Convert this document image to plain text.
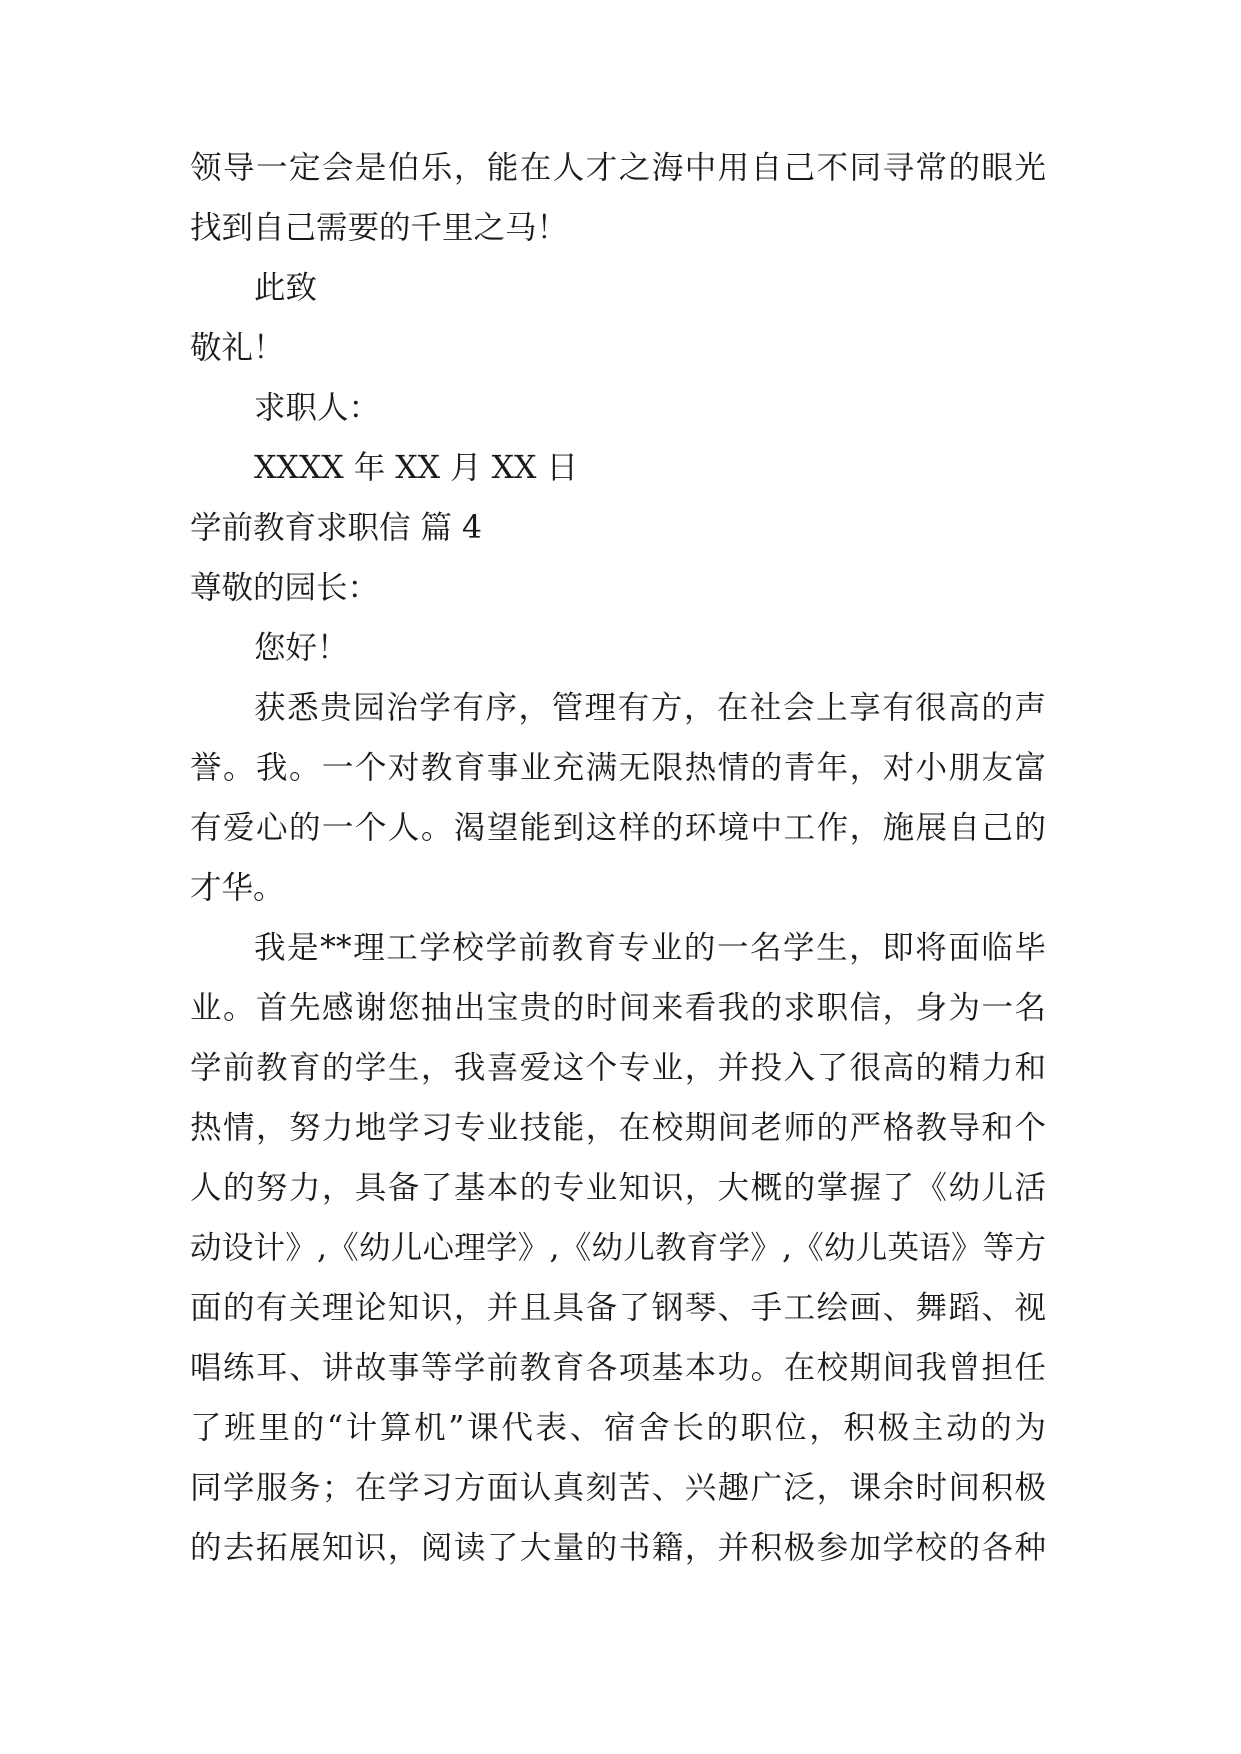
领导一定会是伯乐，能在人才之海中用自己不同寻常的眼光

找到自己需要的千里之马！

此致

敬礼！

求职人：

XXXX 年 XX 月 XX 日

学前教育求职信 篇 4

尊敬的园长：

您好！

获悉贵园治学有序，管理有方，在社会上享有很高的声

誉。我。一个对教育事业充满无限热情的青年，对小朋友富

有爱心的一个人。渴望能到这样的环境中工作，施展自己的

才华。

我是**理工学校学前教育专业的一名学生，即将面临毕

业。首先感谢您抽出宝贵的时间来看我的求职信，身为一名

学前教育的学生，我喜爱这个专业，并投入了很高的精力和

热情，努力地学习专业技能，在校期间老师的严格教导和个

人的努力，具备了基本的专业知识，大概的掌握了《幼儿活

动设计》,《幼儿心理学》,《幼儿教育学》,《幼儿英语》等方

面的有关理论知识，并且具备了钢琴、手工绘画、舞蹈、视

唱练耳、讲故事等学前教育各项基本功。在校期间我曾担任

了班里的“计算机”课代表、宿舍长的职位，积极主动的为

同学服务；在学习方面认真刻苦、兴趣广泛，课余时间积极

的去拓展知识，阅读了大量的书籍，并积极参加学校的各种
